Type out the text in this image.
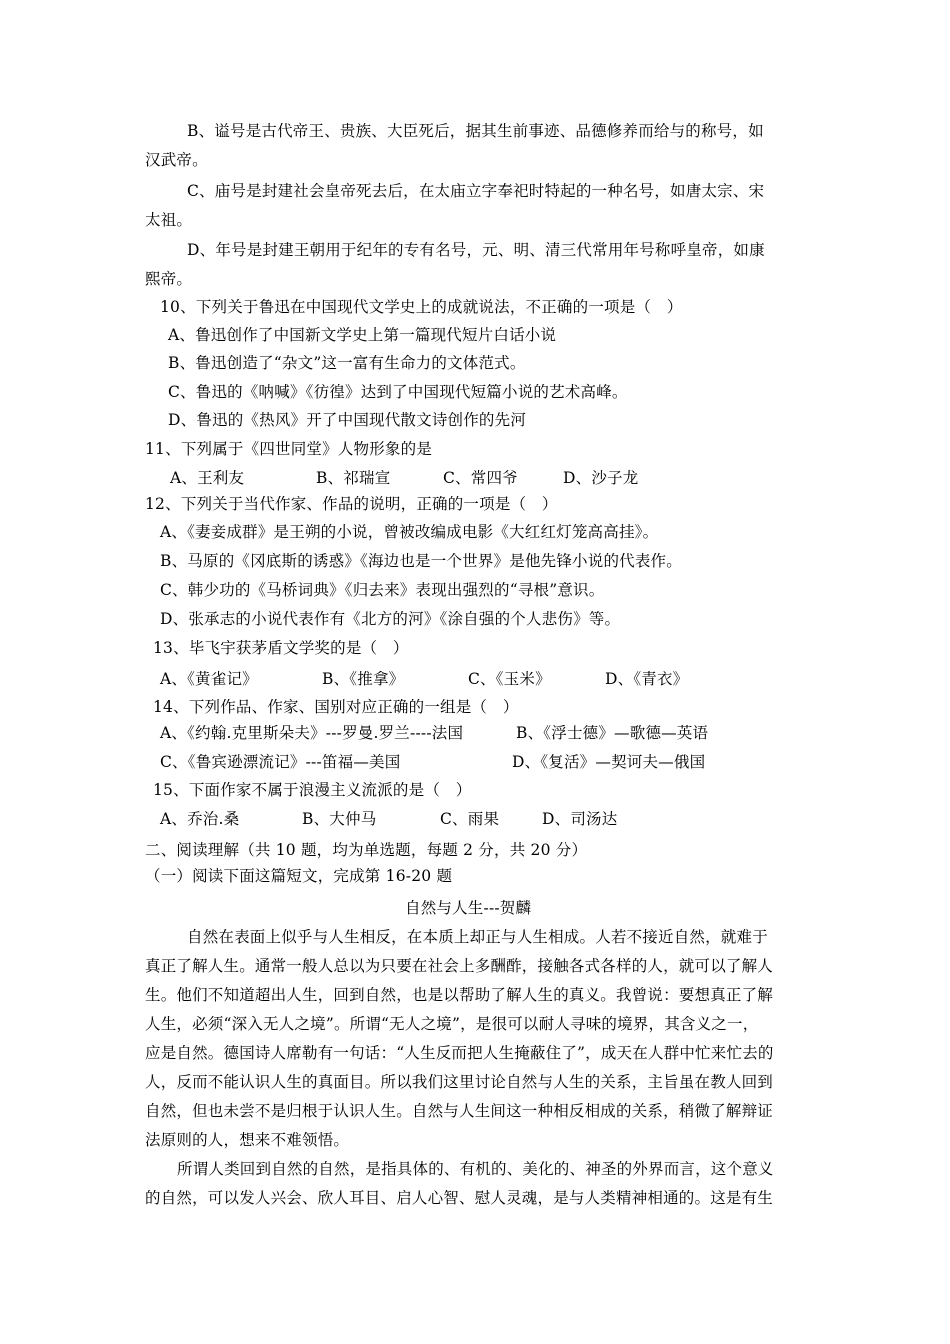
B、谥号是古代帝王、贵族、大臣死后，据其生前事迹、品德修养而给与的称号，如
汉武帝。
C、庙号是封建社会皇帝死去后，在太庙立字奉祀时特起的一种名号，如唐太宗、宋
太祖。
D、年号是封建王朝用于纪年的专有名号，元、明、清三代常用年号称呼皇帝，如康
熙帝。
10、下列关于鲁迅在中国现代文学史上的成就说法，不正确的一项是（　）
A、鲁迅创作了中国新文学史上第一篇现代短片白话小说
B、鲁迅创造了“杂文”这一富有生命力的文体范式。
C、鲁迅的《呐喊》《彷徨》达到了中国现代短篇小说的艺术高峰。
D、鲁迅的《热风》开了中国现代散文诗创作的先河
11、下列属于《四世同堂》人物形象的是
A、王利友	B、祁瑞宣	C、常四爷	D、沙子龙
12、下列关于当代作家、作品的说明，正确的一项是（　）
A、《妻妾成群》是王朔的小说，曾被改编成电影《大红红灯笼高高挂》。
B、马原的《冈底斯的诱惑》《海边也是一个世界》是他先锋小说的代表作。
C、韩少功的《马桥词典》《归去来》表现出强烈的“寻根”意识。
D、张承志的小说代表作有《北方的河》《涂自强的个人悲伤》等。
13、毕飞宇获茅盾文学奖的是（　）
A、《黄雀记》	B、《推拿》	C、《玉米》	D、《青衣》
14、下列作品、作家、国别对应正确的一组是（　）
A、《约翰.克里斯朵夫》---罗曼.罗兰----法国	B、《浮士德》—歌德—英语
C、《鲁宾逊漂流记》---笛福—美国	D、《复活》—契诃夫—俄国
15、下面作家不属于浪漫主义流派的是（　）
A、乔治.桑	B、大仲马	C、雨果	D、司汤达
二、阅读理解（共 10 题，均为单选题，每题 2 分，共 20 分）
（一）阅读下面这篇短文，完成第 16-20 题
自然与人生---贺麟
自然在表面上似乎与人生相反，在本质上却正与人生相成。人若不接近自然，就难于
真正了解人生。通常一般人总以为只要在社会上多酬酢，接触各式各样的人，就可以了解人
生。他们不知道超出人生，回到自然，也是以帮助了解人生的真义。我曾说：要想真正了解
人生，必须“深入无人之境”。所谓“无人之境”，是很可以耐人寻味的境界，其含义之一，
应是自然。德国诗人席勒有一句话：“人生反而把人生掩蔽住了”，成天在人群中忙来忙去的
人，反而不能认识人生的真面目。所以我们这里讨论自然与人生的关系，主旨虽在教人回到
自然，但也未尝不是归根于认识人生。自然与人生间这一种相反相成的关系，稍微了解辩证
法原则的人，想来不难领悟。
所谓人类回到自然的自然，是指具体的、有机的、美化的、神圣的外界而言，这个意义
的自然，可以发人兴会、欣人耳目、启人心智、慰人灵魂，是与人类精神相通的。这是有生
